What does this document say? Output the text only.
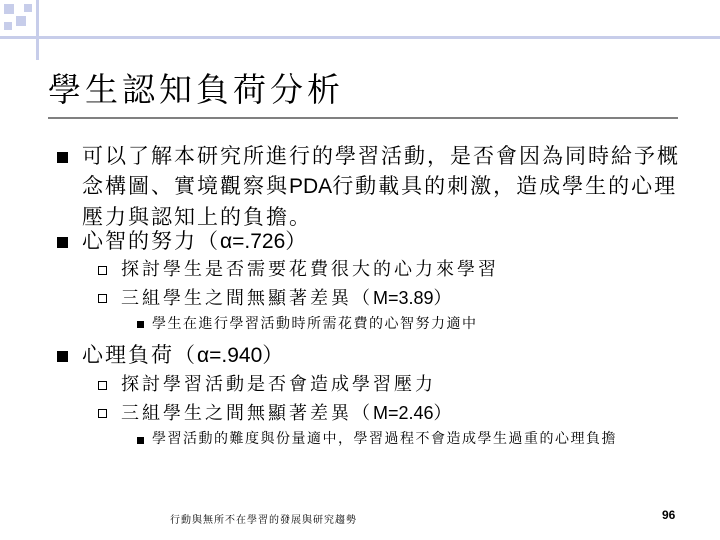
學生認知負荷分析
可以了解本研究所進行的學習活動，是否會因為同時給予概念構圖、實境觀察與PDA行動載具的刺激，造成學生的心理壓力與認知上的負擔。
心智的努力（α=.726）
探討學生是否需要花費很大的心力來學習
三組學生之間無顯著差異（M=3.89）
學生在進行學習活動時所需花費的心智努力適中
心理負荷（α=.940）
探討學習活動是否會造成學習壓力
三組學生之間無顯著差異（M=2.46）
學習活動的難度與份量適中，學習過程不會造成學生過重的心理負擔
行動與無所不在學習的發展與研究趨勢	96
